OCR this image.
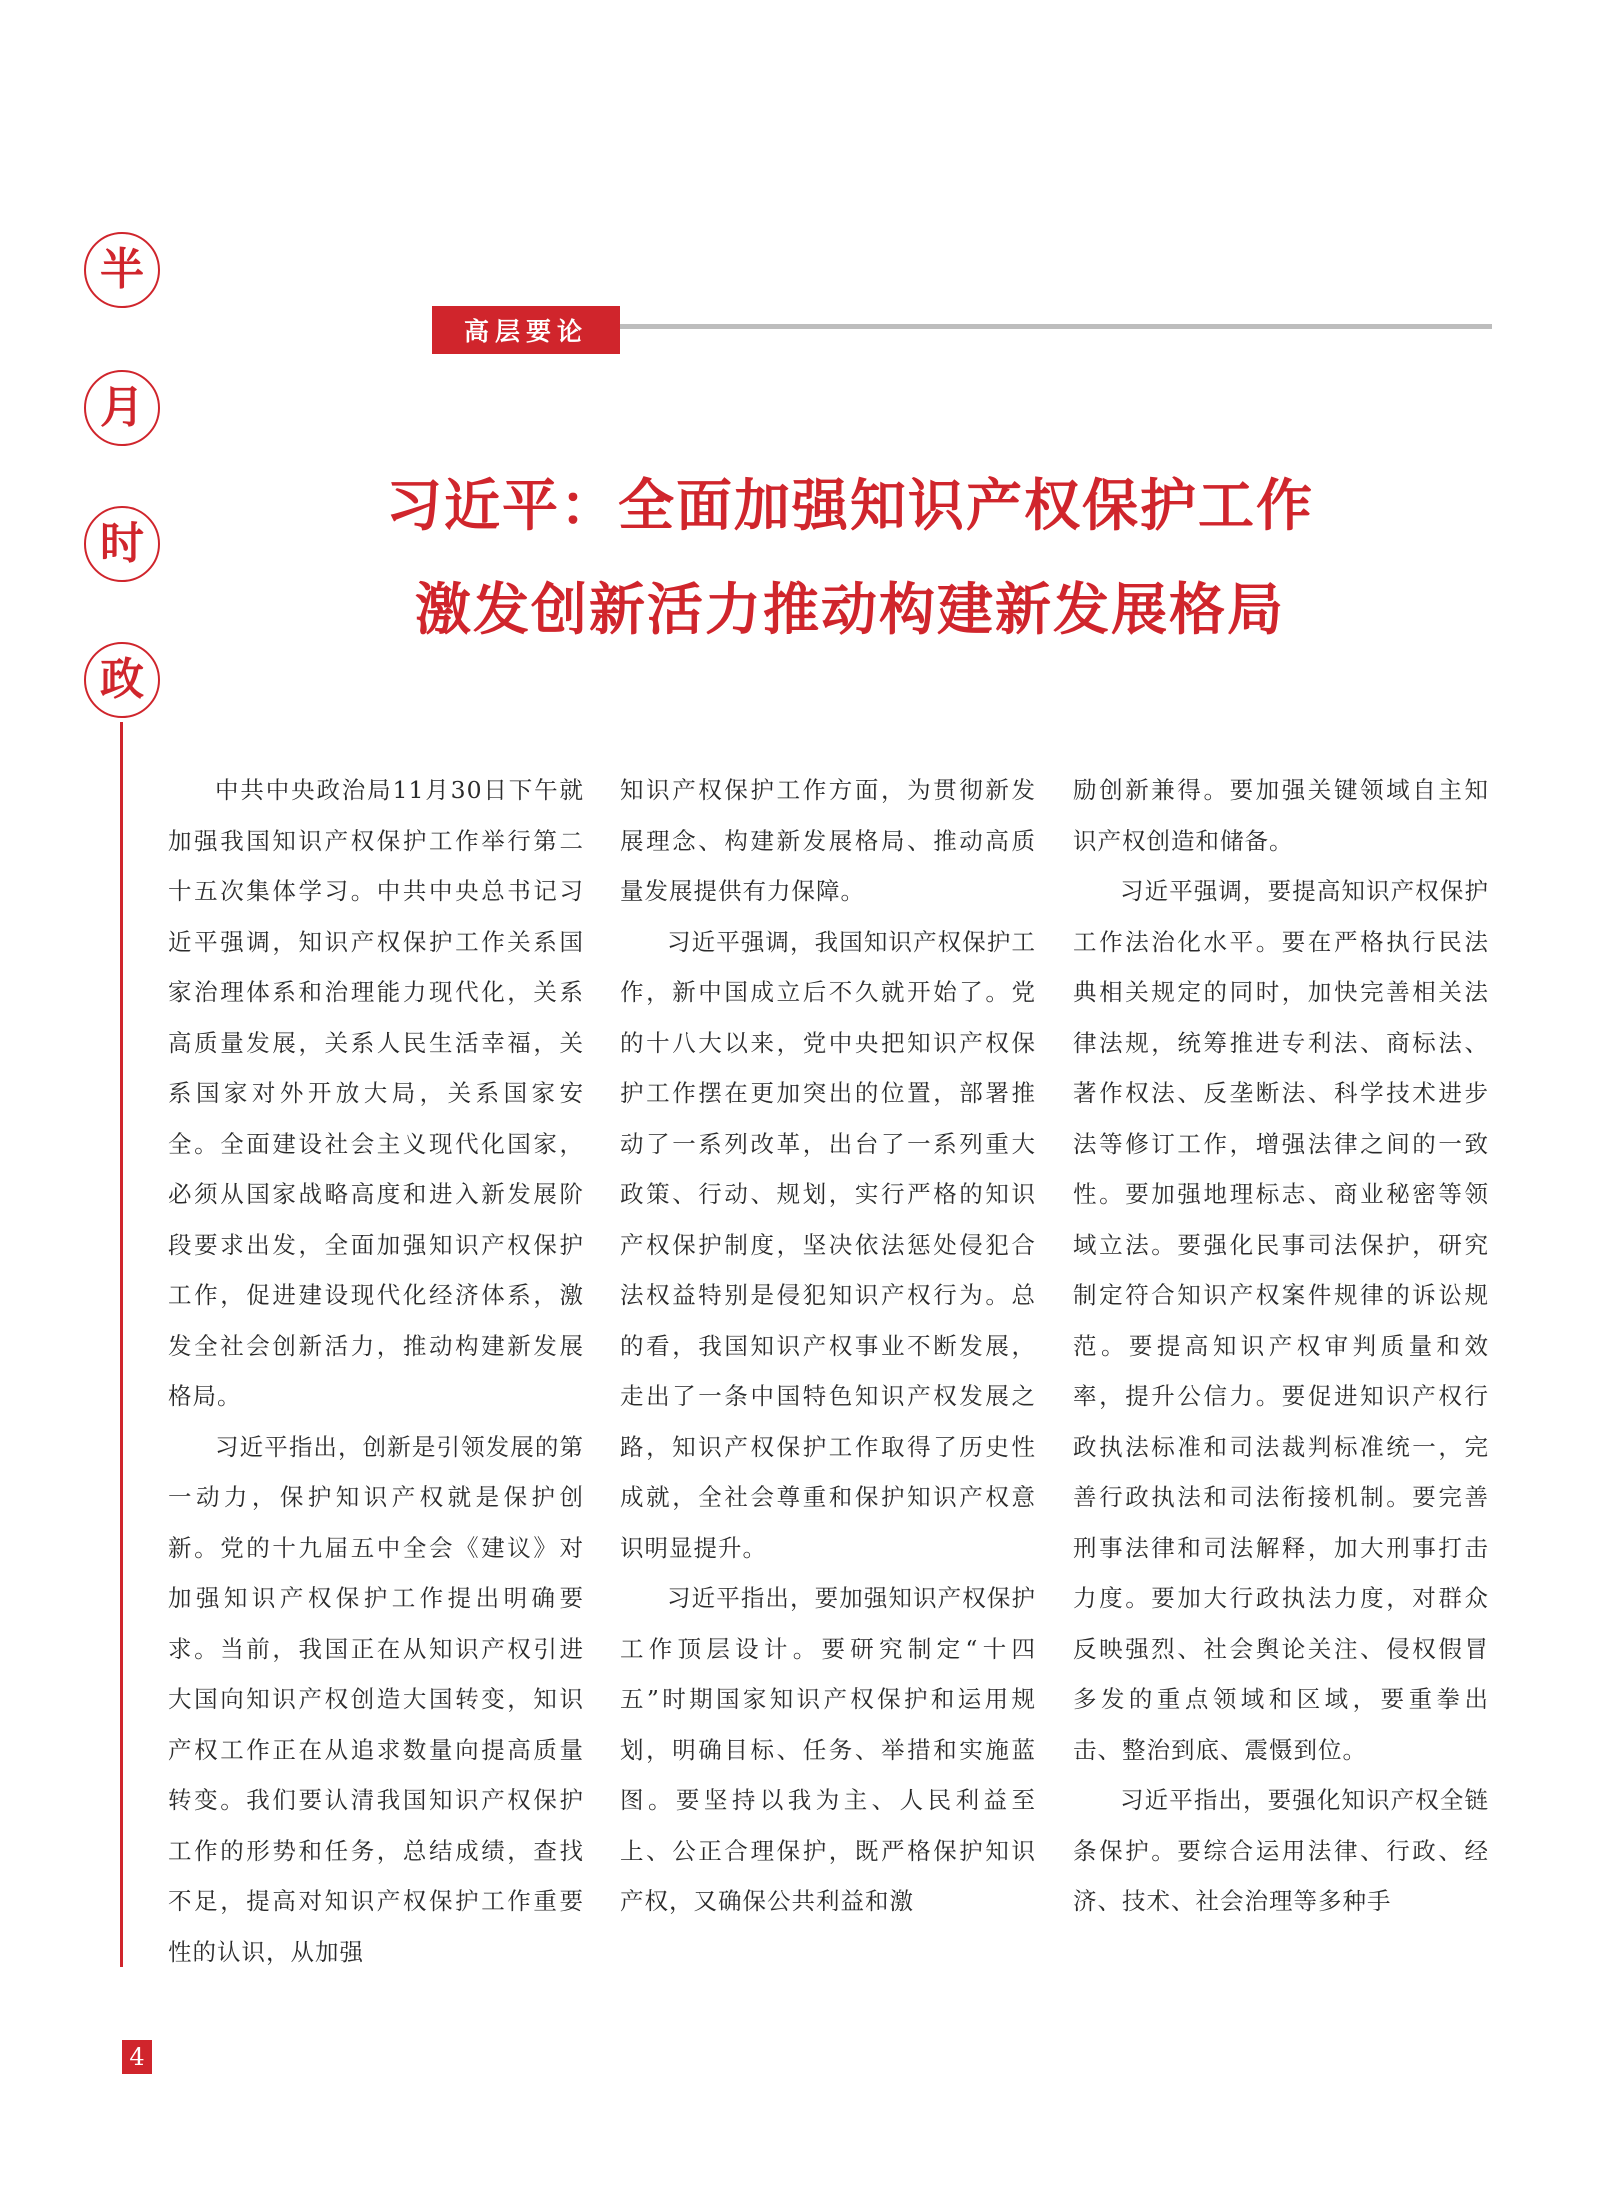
半
月
时
政
高层要论
习近平：全面加强知识产权保护工作
激发创新活力推动构建新发展格局

中共中央政治局11月30日下午就加强我国知识产权保护工作举行第二十五次集体学习。中共中央总书记习近平强调，知识产权保护工作关系国家治理体系和治理能力现代化，关系高质量发展，关系人民生活幸福，关系国家对外开放大局，关系国家安全。全面建设社会主义现代化国家，必须从国家战略高度和进入新发展阶段要求出发，全面加强知识产权保护工作，促进建设现代化经济体系，激发全社会创新活力，推动构建新发展格局。

习近平指出，创新是引领发展的第一动力，保护知识产权就是保护创新。党的十九届五中全会《建议》对加强知识产权保护工作提出明确要求。当前，我国正在从知识产权引进大国向知识产权创造大国转变，知识产权工作正在从追求数量向提高质量转变。我们要认清我国知识产权保护工作的形势和任务，总结成绩，查找不足，提高对知识产权保护工作重要性的认识，从加强

知识产权保护工作方面，为贯彻新发展理念、构建新发展格局、推动高质量发展提供有力保障。

习近平强调，我国知识产权保护工作，新中国成立后不久就开始了。党的十八大以来，党中央把知识产权保护工作摆在更加突出的位置，部署推动了一系列改革，出台了一系列重大政策、行动、规划，实行严格的知识产权保护制度，坚决依法惩处侵犯合法权益特别是侵犯知识产权行为。总的看，我国知识产权事业不断发展，走出了一条中国特色知识产权发展之路，知识产权保护工作取得了历史性成就，全社会尊重和保护知识产权意识明显提升。

习近平指出，要加强知识产权保护工作顶层设计。要研究制定“十四五”时期国家知识产权保护和运用规划，明确目标、任务、举措和实施蓝图。要坚持以我为主、人民利益至上、公正合理保护，既严格保护知识产权，又确保公共利益和激

励创新兼得。要加强关键领域自主知识产权创造和储备。

习近平强调，要提高知识产权保护工作法治化水平。要在严格执行民法典相关规定的同时，加快完善相关法律法规，统筹推进专利法、商标法、著作权法、反垄断法、科学技术进步法等修订工作，增强法律之间的一致性。要加强地理标志、商业秘密等领域立法。要强化民事司法保护，研究制定符合知识产权案件规律的诉讼规范。要提高知识产权审判质量和效率，提升公信力。要促进知识产权行政执法标准和司法裁判标准统一，完善行政执法和司法衔接机制。要完善刑事法律和司法解释，加大刑事打击力度。要加大行政执法力度，对群众反映强烈、社会舆论关注、侵权假冒多发的重点领域和区域，要重拳出击、整治到底、震慑到位。

习近平指出，要强化知识产权全链条保护。要综合运用法律、行政、经济、技术、社会治理等多种手

4
